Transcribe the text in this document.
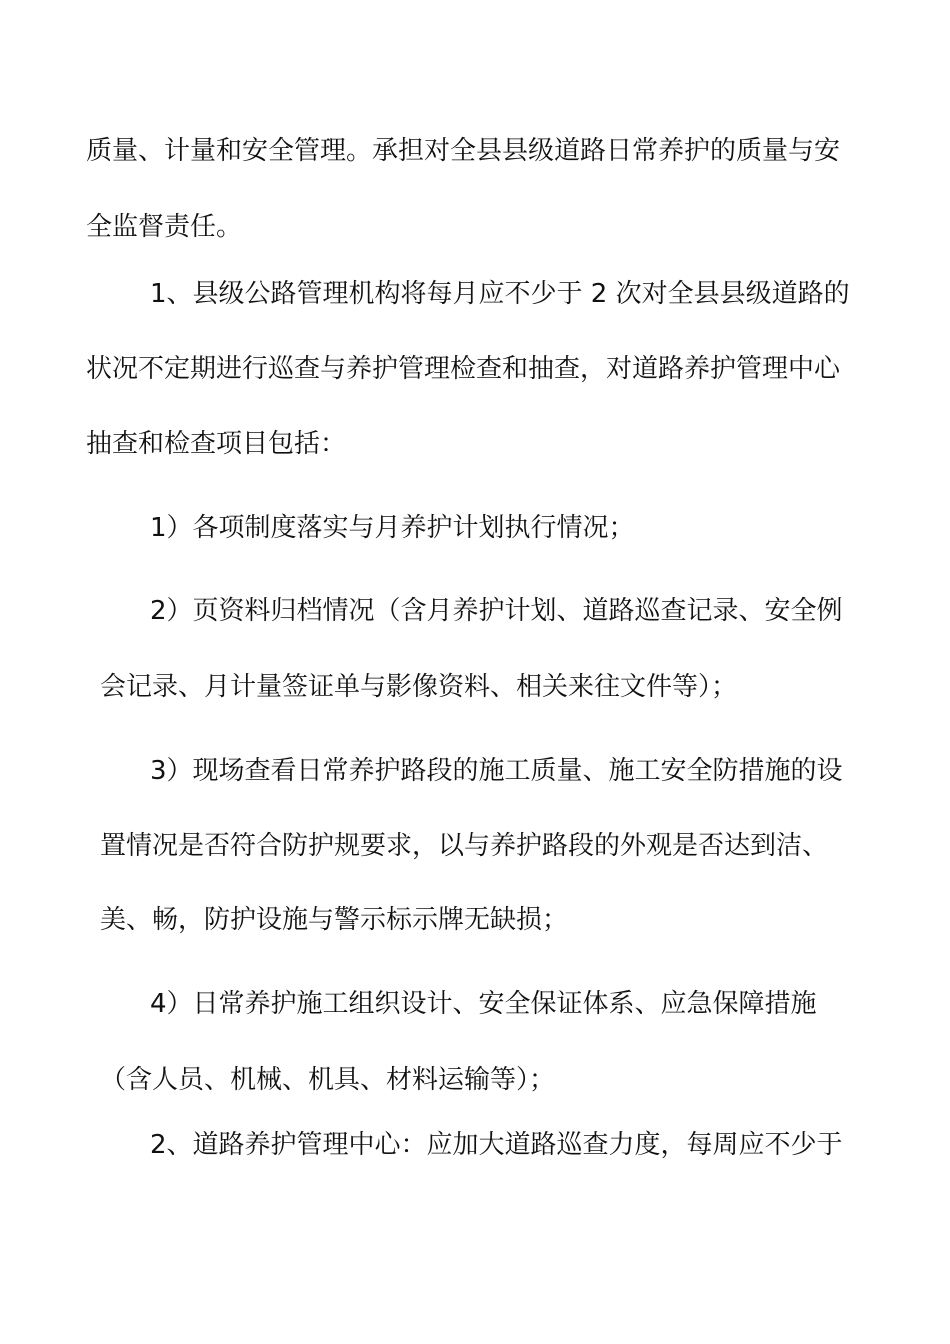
质量、计量和安全管理。承担对全县县级道路日常养护的质量与安
全监督责任。
1、县级公路管理机构将每月应不少于 2 次对全县县级道路的
状况不定期进行巡查与养护管理检查和抽查，对道路养护管理中心
抽查和检查项目包括：
1）各项制度落实与月养护计划执行情况；
2）页资料归档情况（含月养护计划、道路巡查记录、安全例
会记录、月计量签证单与影像资料、相关来往文件等）；
3）现场查看日常养护路段的施工质量、施工安全防措施的设
置情况是否符合防护规要求，以与养护路段的外观是否达到洁、
美、畅，防护设施与警示标示牌无缺损；
4）日常养护施工组织设计、安全保证体系、应急保障措施
（含人员、机械、机具、材料运输等）；
2、道路养护管理中心：应加大道路巡查力度，每周应不少于
